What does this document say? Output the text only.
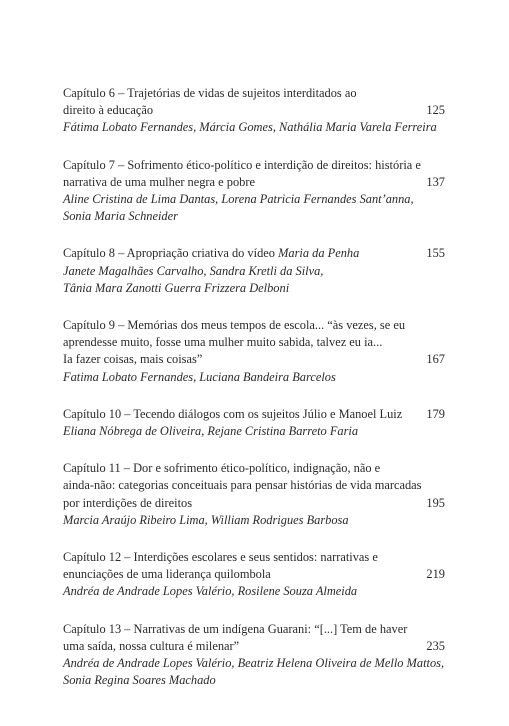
Capítulo 6 – Trajetórias de vidas de sujeitos interditados ao
direito à educação	125
Fátima Lobato Fernandes, Márcia Gomes, Nathália Maria Varela Ferreira
Capítulo 7 – Sofrimento ético-político e interdição de direitos: história e
narrativa de uma mulher negra e pobre	137
Aline Cristina de Lima Dantas, Lorena Patricia Fernandes Sant’anna,
Sonia Maria Schneider
Capítulo 8 – Apropriação criativa do vídeo Maria da Penha	155
Janete Magalhães Carvalho, Sandra Kretli da Silva,
Tânia Mara Zanotti Guerra Frizzera Delboni
Capítulo 9 – Memórias dos meus tempos de escola... “às vezes, se eu
aprendesse muito, fosse uma mulher muito sabida, talvez eu ia...
Ia fazer coisas, mais coisas”	167
Fatima Lobato Fernandes, Luciana Bandeira Barcelos
Capítulo 10 – Tecendo diálogos com os sujeitos Júlio e Manoel Luiz	179
Eliana Nóbrega de Oliveira, Rejane Cristina Barreto Faria
Capítulo 11 – Dor e sofrimento ético-político, indignação, não e
ainda-não: categorias conceituais para pensar histórias de vida marcadas
por interdições de direitos	195
Marcia Araújo Ribeiro Lima, William Rodrigues Barbosa
Capítulo 12 – Interdições escolares e seus sentidos: narrativas e
enunciações de uma liderança quilombola	219
Andréa de Andrade Lopes Valério, Rosilene Souza Almeida
Capítulo 13 – Narrativas de um indígena Guarani: “[...] Tem de haver
uma saída, nossa cultura é milenar”	235
Andréa de Andrade Lopes Valério, Beatriz Helena Oliveira de Mello Mattos,
Sonia Regina Soares Machado
